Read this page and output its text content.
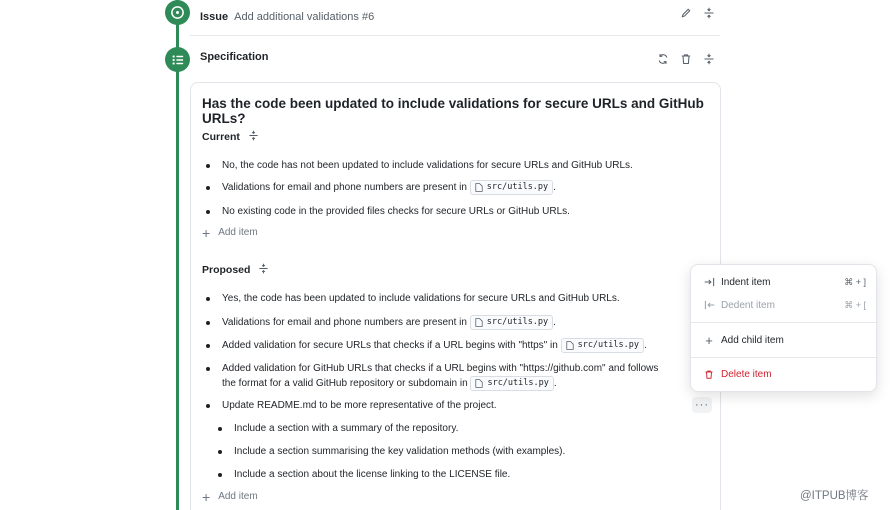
Issue Add additional validations #6
Specification
Has the code been updated to include validations for secure URLs and GitHub URLs?
Current
No, the code has not been updated to include validations for secure URLs and GitHub URLs.
Validations for email and phone numbers are present in src/utils.py .
No existing code in the provided files checks for secure URLs or GitHub URLs.
+ Add item
Proposed
Yes, the code has been updated to include validations for secure URLs and GitHub URLs.
Validations for email and phone numbers are present in src/utils.py .
Added validation for secure URLs that checks if a URL begins with "https" in src/utils.py .
Added validation for GitHub URLs that checks if a URL begins with "https://github.com" and follows
the format for a valid GitHub repository or subdomain in src/utils.py .
Update README.md to be more representative of the project.
Include a section with a summary of the repository.
Include a section summarising the key validation methods (with examples).
Include a section about the license linking to the LICENSE file.
+ Add item
···
Indent item	⌘ + ]
Dedent item	⌘ + [
+ Add child item
Delete item
@ITPUB博客
